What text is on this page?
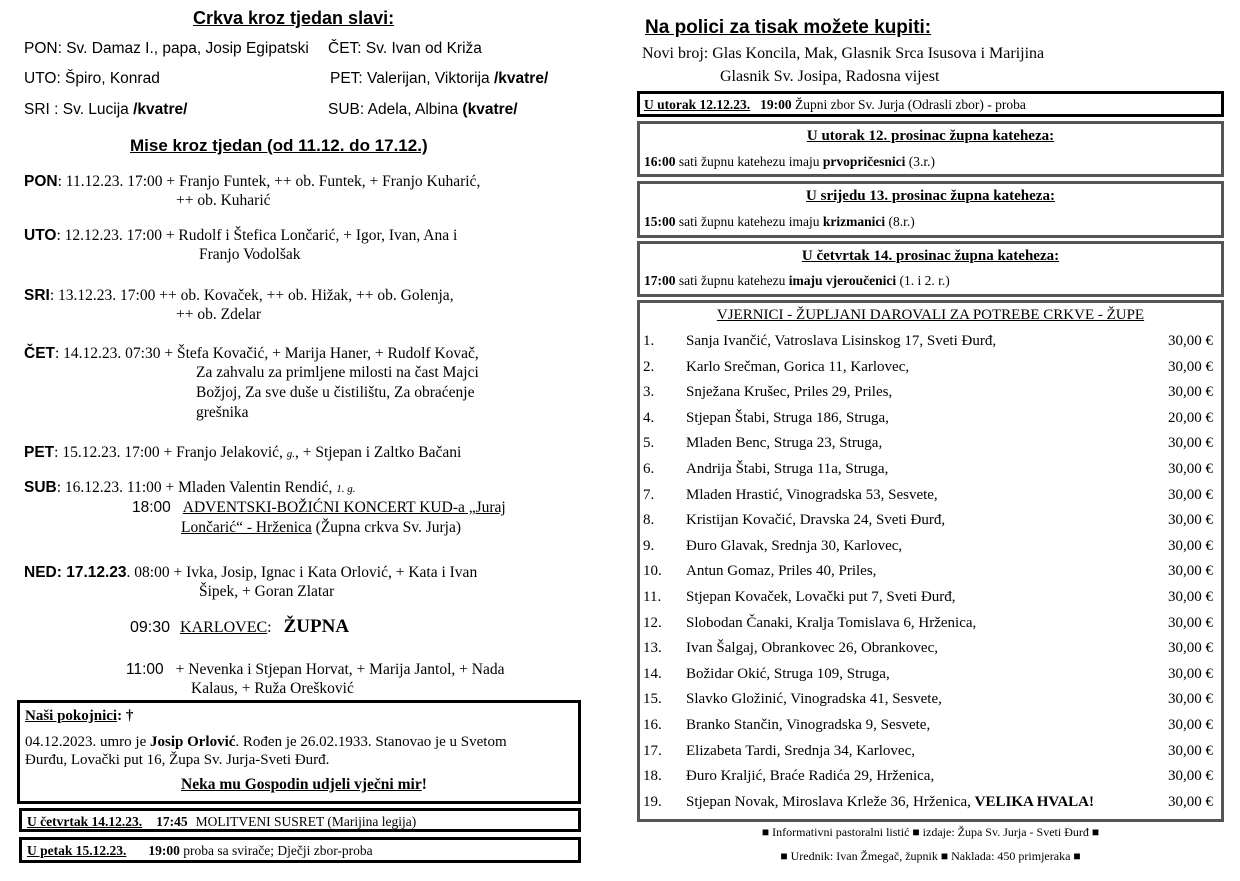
Crkva kroz tjedan slavi:
PON: Sv. Damaz I., papa, Josip Egipatski ČET: Sv. Ivan od Križa
UTO: Špiro, Konrad	PET: Valerijan, Viktorija /kvatre/
SRI : Sv. Lucija /kvatre/	SUB: Adela, Albina (kvatre/
Mise kroz tjedan (od 11.12. do 17.12.)
PON: 11.12.23. 17:00 + Franjo Funtek, ++ ob. Funtek, + Franjo Kuharić,
++ ob. Kuharić
UTO: 12.12.23. 17:00 + Rudolf i Štefica Lončarić, + Igor, Ivan, Ana i
Franjo Vodolšak
SRI: 13.12.23. 17:00 ++ ob. Kovaček, ++ ob. Hižak, ++ ob. Golenja,
++ ob. Zdelar
ČET: 14.12.23. 07:30 + Štefa Kovačić, + Marija Haner, + Rudolf Kovač,
Za zahvalu za primljene milosti na čast Majci
Božjoj, Za sve duše u čistilištu, Za obraćenje
grešnika
PET: 15.12.23. 17:00 + Franjo Jelaković, g., + Stjepan i Zaltko Bačani
SUB: 16.12.23. 11:00 + Mladen Valentin Rendić, 1. g.
18:00 ADVENTSKI-BOŽIĆNI KONCERT KUD-a „Juraj
Lončarić“ - Hrženica (Župna crkva Sv. Jurja)
NED: 17.12.23. 08:00 + Ivka, Josip, Ignac i Kata Orlović, + Kata i Ivan
Šipek, + Goran Zlatar
09:30 KARLOVEC: ŽUPNA
11:00 + Nevenka i Stjepan Horvat, + Marija Jantol, + Nada
Kalaus, + Ruža Orešković
Naši pokojnici: †
04.12.2023. umro je Josip Orlović. Rođen je 26.02.1933. Stanovao je u Svetom
Đurđu, Lovački put 16, Župa Sv. Jurja-Sveti Đurđ.
Neka mu Gospodin udjeli vječni mir!
U četvrtak 14.12.23. 17:45 MOLITVENI SUSRET (Marijina legija)
U petak 15.12.23. 19:00 proba sa sviračе; Dječji zbor-proba
Na polici za tisak možete kupiti:
Novi broj: Glas Koncila, Mak, Glasnik Srca Isusova i Marijina
Glasnik Sv. Josipa, Radosna vijest
U utorak 12.12.23. 19:00 Župni zbor Sv. Jurja (Odrasli zbor) - proba
U utorak 12. prosinac župna kateheza:
16:00 sati župnu katehezu imaju prvopričesnici (3.r.)
U srijedu 13. prosinac župna kateheza:
15:00 sati župnu katehezu imaju krizmanici (8.r.)
U četvrtak 14. prosinac župna kateheza:
17:00 sati župnu katehezu imaju vjeroučenici (1. i 2. r.)
VJERNICI - ŽUPLJANI DAROVALI ZA POTREBE CRKVE - ŽUPE
1. Sanja Ivančić, Vatroslava Lisinskog 17, Sveti Đurđ,	30,00 €
2. Karlo Srečman, Gorica 11, Karlovec,	30,00 €
3. Snježana Krušec, Priles 29, Priles,	30,00 €
4. Stjepan Štabi, Struga 186, Struga,	20,00 €
5. Mladen Benc, Struga 23, Struga,	30,00 €
6. Andrija Štabi, Struga 11a, Struga,	30,00 €
7. Mladen Hrastić, Vinogradska 53, Sesvete,	30,00 €
8. Kristijan Kovačić, Dravska 24, Sveti Đurđ,	30,00 €
9. Đuro Glavak, Srednja 30, Karlovec,	30,00 €
10. Antun Gomaz, Priles 40, Priles,	30,00 €
11. Stjepan Kovaček, Lovački put 7, Sveti Đurđ,	30,00 €
12. Slobodan Čanaki, Kralja Tomislava 6, Hrženica,	30,00 €
13. Ivan Šalgaj, Obrankovec 26, Obrankovec,	30,00 €
14. Božidar Okić, Struga 109, Struga,	30,00 €
15. Slavko Gložinić, Vinogradska 41, Sesvete,	30,00 €
16. Branko Stančin, Vinogradska 9, Sesvete,	30,00 €
17. Elizabeta Tardi, Srednja 34, Karlovec,	30,00 €
18. Đuro Kraljić, Braće Radića 29, Hrženica,	30,00 €
19. Stjepan Novak, Miroslava Krleže 36, Hrženica, VELIKA HVALA!	30,00 €
■ Informativni pastoralni listić ■ izdaje: Župa Sv. Jurja - Sveti Đurđ ■
■ Urednik: Ivan Žmegač, župnik ■ Naklada: 450 primjeraka ■
